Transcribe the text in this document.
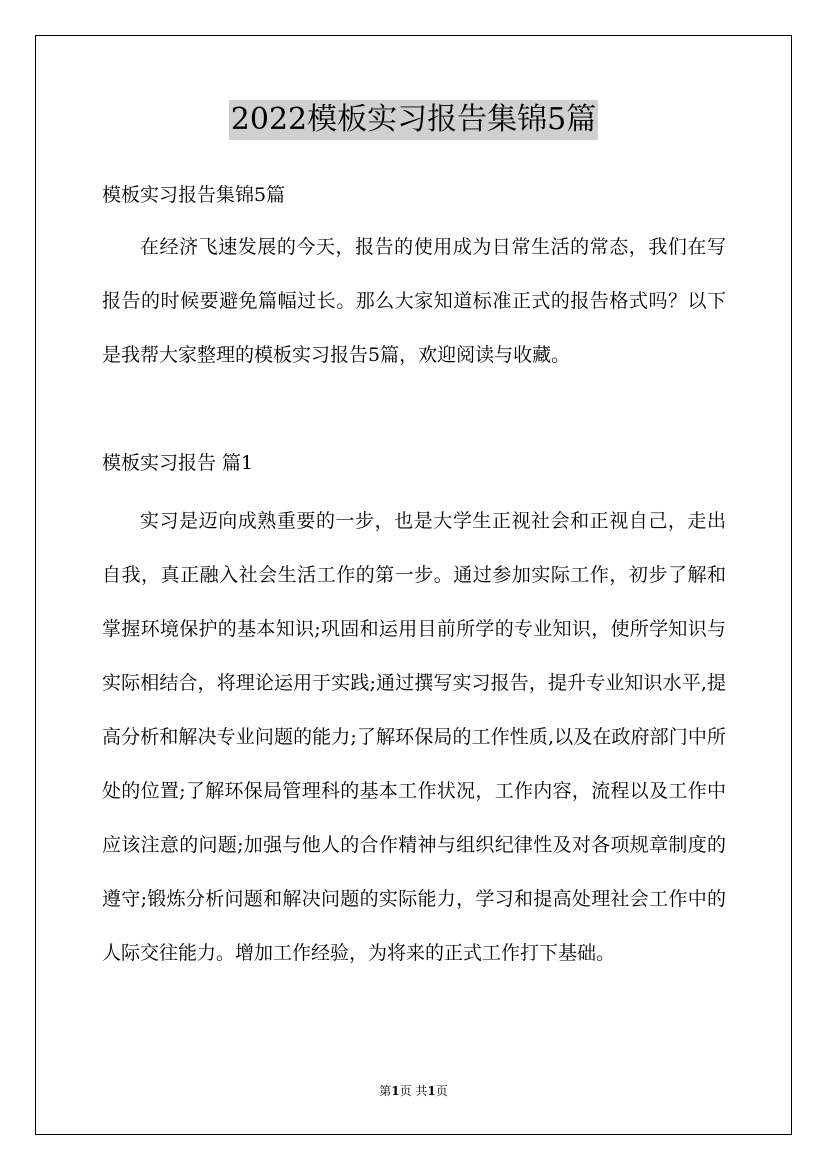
2022模板实习报告集锦5篇
模板实习报告集锦5篇
在经济飞速发展的今天，报告的使用成为日常生活的常态，我们在写报告的时候要避免篇幅过长。那么大家知道标准正式的报告格式吗？以下是我帮大家整理的模板实习报告5篇，欢迎阅读与收藏。
模板实习报告 篇1
实习是迈向成熟重要的一步，也是大学生正视社会和正视自己，走出自我，真正融入社会生活工作的第一步。通过参加实际工作，初步了解和掌握环境保护的基本知识;巩固和运用目前所学的专业知识，使所学知识与实际相结合，将理论运用于实践;通过撰写实习报告，提升专业知识水平,提高分析和解决专业问题的能力;了解环保局的工作性质,以及在政府部门中所处的位置;了解环保局管理科的基本工作状况，工作内容，流程以及工作中应该注意的问题;加强与他人的合作精神与组织纪律性及对各项规章制度的遵守;锻炼分析问题和解决问题的实际能力，学习和提高处理社会工作中的人际交往能力。增加工作经验，为将来的正式工作打下基础。
第1页 共1页
